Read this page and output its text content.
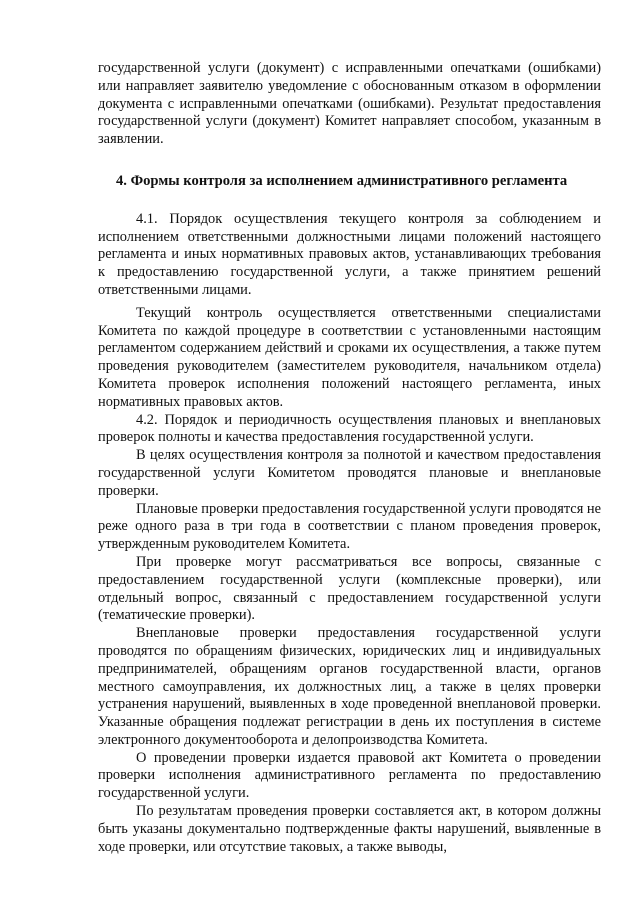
государственной услуги (документ) с исправленными опечатками (ошибками) или направляет заявителю уведомление с обоснованным отказом в оформлении документа с исправленными опечатками (ошибками). Результат предоставления государственной услуги (документ) Комитет направляет способом, указанным в заявлении.

4. Формы контроля за исполнением административного регламента

4.1. Порядок осуществления текущего контроля за соблюдением и исполнением ответственными должностными лицами положений настоящего регламента и иных нормативных правовых актов, устанавливающих требования к предоставлению государственной услуги, а также принятием решений ответственными лицами.

Текущий контроль осуществляется ответственными специалистами Комитета по каждой процедуре в соответствии с установленными настоящим регламентом содержанием действий и сроками их осуществления, а также путем проведения руководителем (заместителем руководителя, начальником отдела) Комитета проверок исполнения положений настоящего регламента, иных нормативных правовых актов.

4.2. Порядок и периодичность осуществления плановых и внеплановых проверок полноты и качества предоставления государственной услуги.

В целях осуществления контроля за полнотой и качеством предоставления государственной услуги Комитетом проводятся плановые и внеплановые проверки.

Плановые проверки предоставления государственной услуги проводятся не реже одного раза в три года в соответствии с планом проведения проверок, утвержденным руководителем Комитета.

При проверке могут рассматриваться все вопросы, связанные с предоставлением государственной услуги (комплексные проверки), или отдельный вопрос, связанный с предоставлением государственной услуги (тематические проверки).

Внеплановые проверки предоставления государственной услуги проводятся по обращениям физических, юридических лиц и индивидуальных предпринимателей, обращениям органов государственной власти, органов местного самоуправления, их должностных лиц, а также в целях проверки устранения нарушений, выявленных в ходе проведенной внеплановой проверки. Указанные обращения подлежат регистрации в день их поступления в системе электронного документооборота и делопроизводства Комитета.

О проведении проверки издается правовой акт Комитета о проведении проверки исполнения административного регламента по предоставлению государственной услуги.

По результатам проведения проверки составляется акт, в котором должны быть указаны документально подтвержденные факты нарушений, выявленные в ходе проверки, или отсутствие таковых, а также выводы,
